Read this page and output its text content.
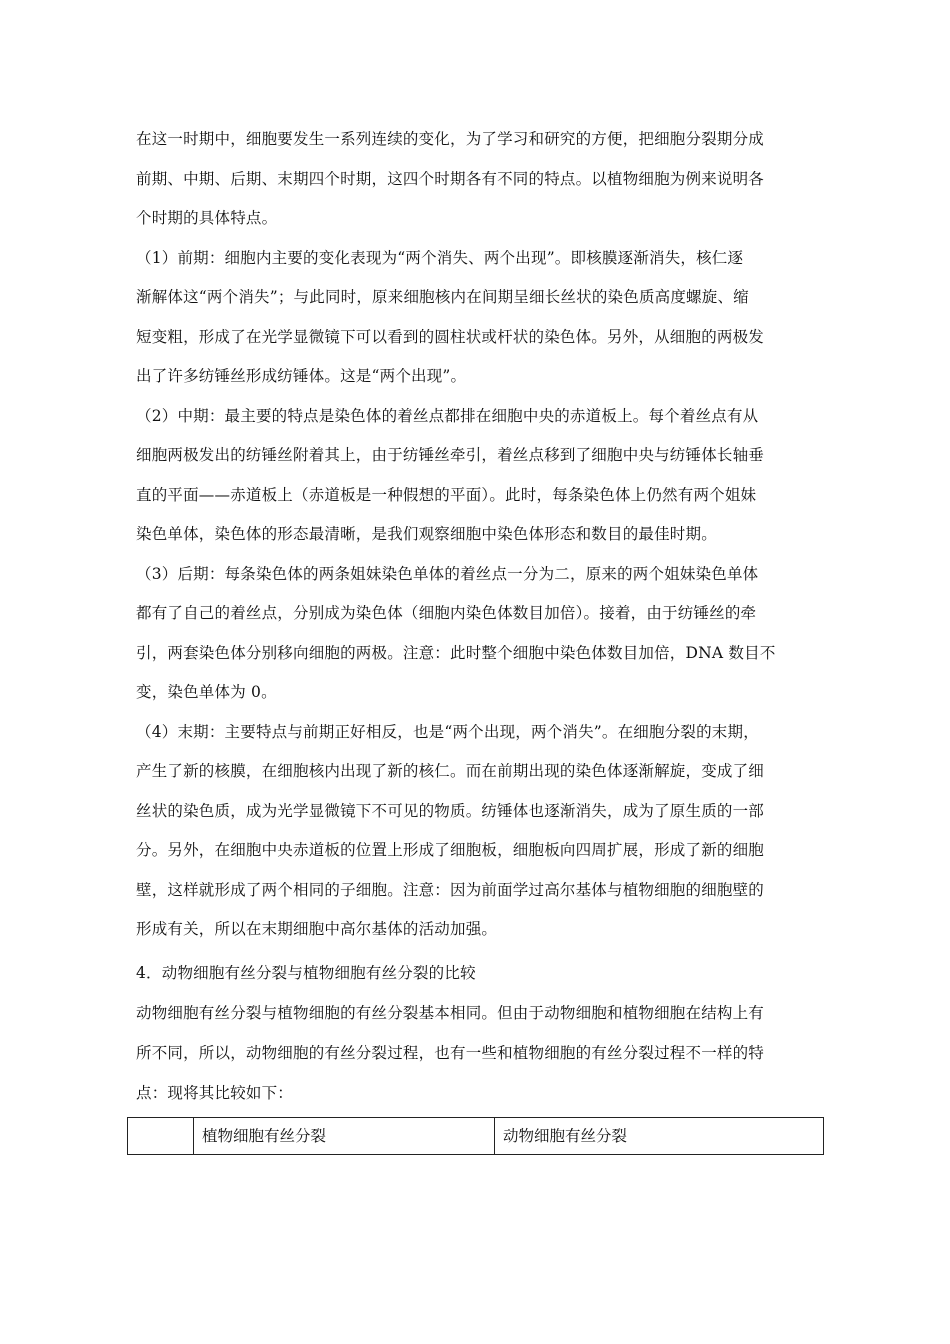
在这一时期中，细胞要发生一系列连续的变化，为了学习和研究的方便，把细胞分裂期分成
前期、中期、后期、末期四个时期，这四个时期各有不同的特点。以植物细胞为例来说明各
个时期的具体特点。
（1）前期：细胞内主要的变化表现为“两个消失、两个出现”。即核膜逐渐消失，核仁逐
渐解体这“两个消失”；与此同时，原来细胞核内在间期呈细长丝状的染色质高度螺旋、缩
短变粗，形成了在光学显微镜下可以看到的圆柱状或杆状的染色体。另外，从细胞的两极发
出了许多纺锤丝形成纺锤体。这是“两个出现”。
（2）中期：最主要的特点是染色体的着丝点都排在细胞中央的赤道板上。每个着丝点有从
细胞两极发出的纺锤丝附着其上，由于纺锤丝牵引，着丝点移到了细胞中央与纺锤体长轴垂
直的平面——赤道板上（赤道板是一种假想的平面）。此时，每条染色体上仍然有两个姐妹
染色单体，染色体的形态最清晰，是我们观察细胞中染色体形态和数目的最佳时期。
（3）后期：每条染色体的两条姐妹染色单体的着丝点一分为二，原来的两个姐妹染色单体
都有了自己的着丝点，分别成为染色体（细胞内染色体数目加倍）。接着，由于纺锤丝的牵
引，两套染色体分别移向细胞的两极。注意：此时整个细胞中染色体数目加倍，DNA 数目不
变，染色单体为 0。
（4）末期：主要特点与前期正好相反，也是“两个出现，两个消失”。在细胞分裂的末期，
产生了新的核膜，在细胞核内出现了新的核仁。而在前期出现的染色体逐渐解旋，变成了细
丝状的染色质，成为光学显微镜下不可见的物质。纺锤体也逐渐消失，成为了原生质的一部
分。另外，在细胞中央赤道板的位置上形成了细胞板，细胞板向四周扩展，形成了新的细胞
壁，这样就形成了两个相同的子细胞。注意：因为前面学过高尔基体与植物细胞的细胞壁的
形成有关，所以在末期细胞中高尔基体的活动加强。
4．动物细胞有丝分裂与植物细胞有丝分裂的比较
动物细胞有丝分裂与植物细胞的有丝分裂基本相同。但由于动物细胞和植物细胞在结构上有
所不同，所以，动物细胞的有丝分裂过程，也有一些和植物细胞的有丝分裂过程不一样的特
点：现将其比较如下：
	植物细胞有丝分裂	动物细胞有丝分裂
